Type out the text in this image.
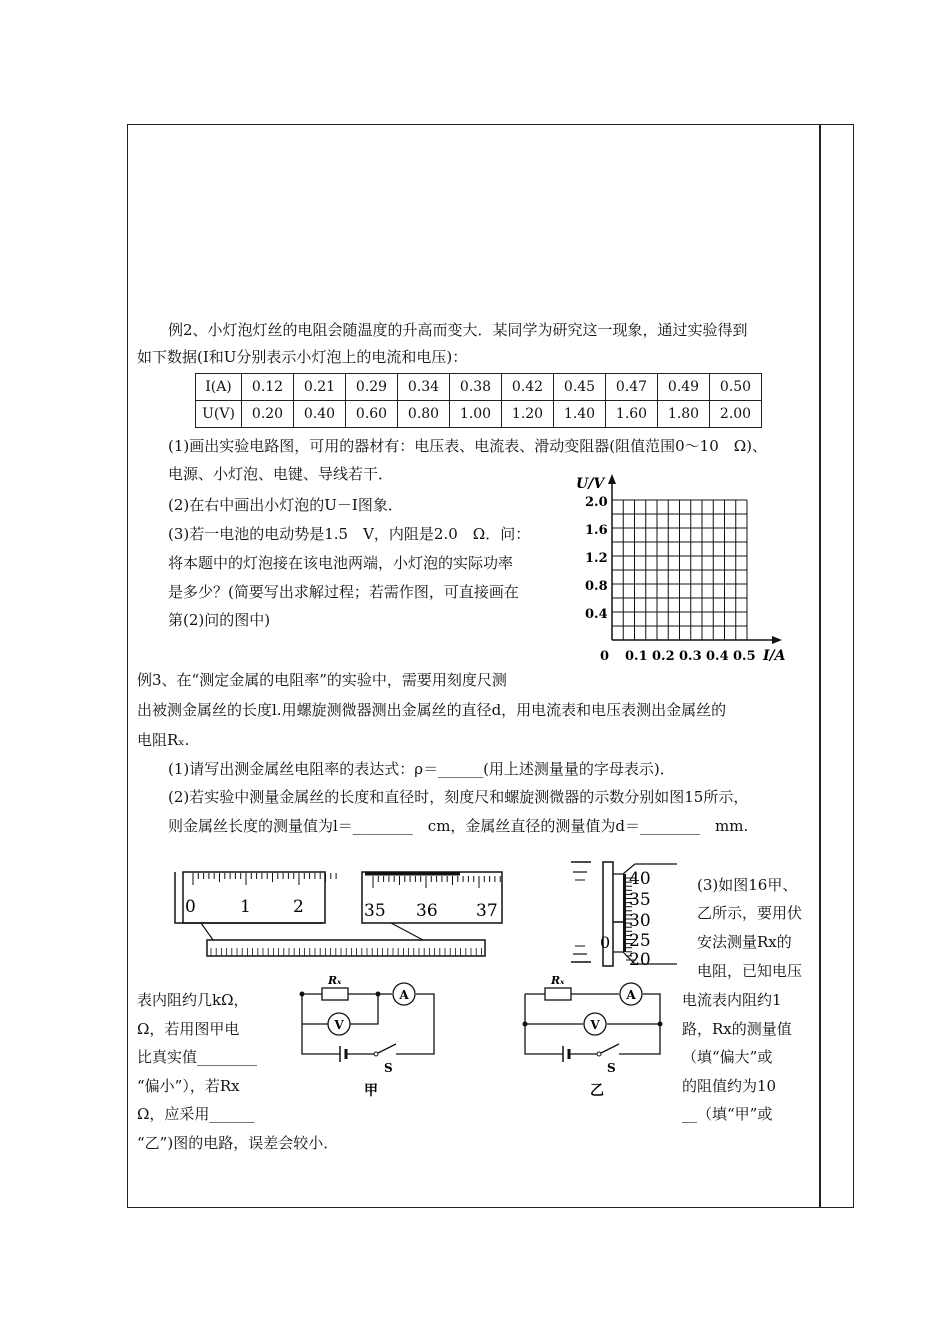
例2、小灯泡灯丝的电阻会随温度的升高而变大．某同学为研究这一现象，通过实验得到
如下数据(I和U分别表示小灯泡上的电流和电压)：
I(A)	0.12	0.21	0.29	0.34	0.38	0.42	0.45	0.47	0.49	0.50
U(V)	0.20	0.40	0.60	0.80	1.00	1.20	1.40	1.60	1.80	2.00
(1)画出实验电路图，可用的器材有：电压表、电流表、滑动变阻器(阻值范围0～10　Ω)、
电源、小灯泡、电键、导线若干．
(2)在右中画出小灯泡的U－I图象．
(3)若一电池的电动势是1.5　V，内阻是2.0　Ω．问：
将本题中的灯泡接在该电池两端，小灯泡的实际功率
是多少？(简要写出求解过程；若需作图，可直接画在
第(2)问的图中)
U/V
I/A
2.0
1.6
1.2
0.8
0.4
0 0.1 0.2 0.3 0.4 0.5
例3、在“测定金属的电阻率”的实验中，需要用刻度尺测
出被测金属丝的长度l.用螺旋测微器测出金属丝的直径d，用电流表和电压表测出金属丝的
电阻Rₓ.
(1)请写出测金属丝电阻率的表达式：ρ＝______(用上述测量量的字母表示)．
(2)若实验中测量金属丝的长度和直径时，刻度尺和螺旋测微器的示数分别如图15所示，
则金属丝长度的测量值为l＝________　cm，金属丝直径的测量值为d＝________　mm.
0	1 2	35 36 37
40
35
30
25
20
0
(3)如图16甲、
乙所示，要用伏
安法测量Rx的
电阻，已知电压
电流表内阻约1
路，Rx的测量值
（填“偏大”或
的阻值约为10
__（填“甲”或
表内阻约几kΩ，
Ω，若用图甲电
比真实值________
“偏小”），若Rx
Ω，应采用______
“乙”)图的电路，误差会较小．
Rₓ
A
V
S
甲
Rₓ
A
V
S
乙
